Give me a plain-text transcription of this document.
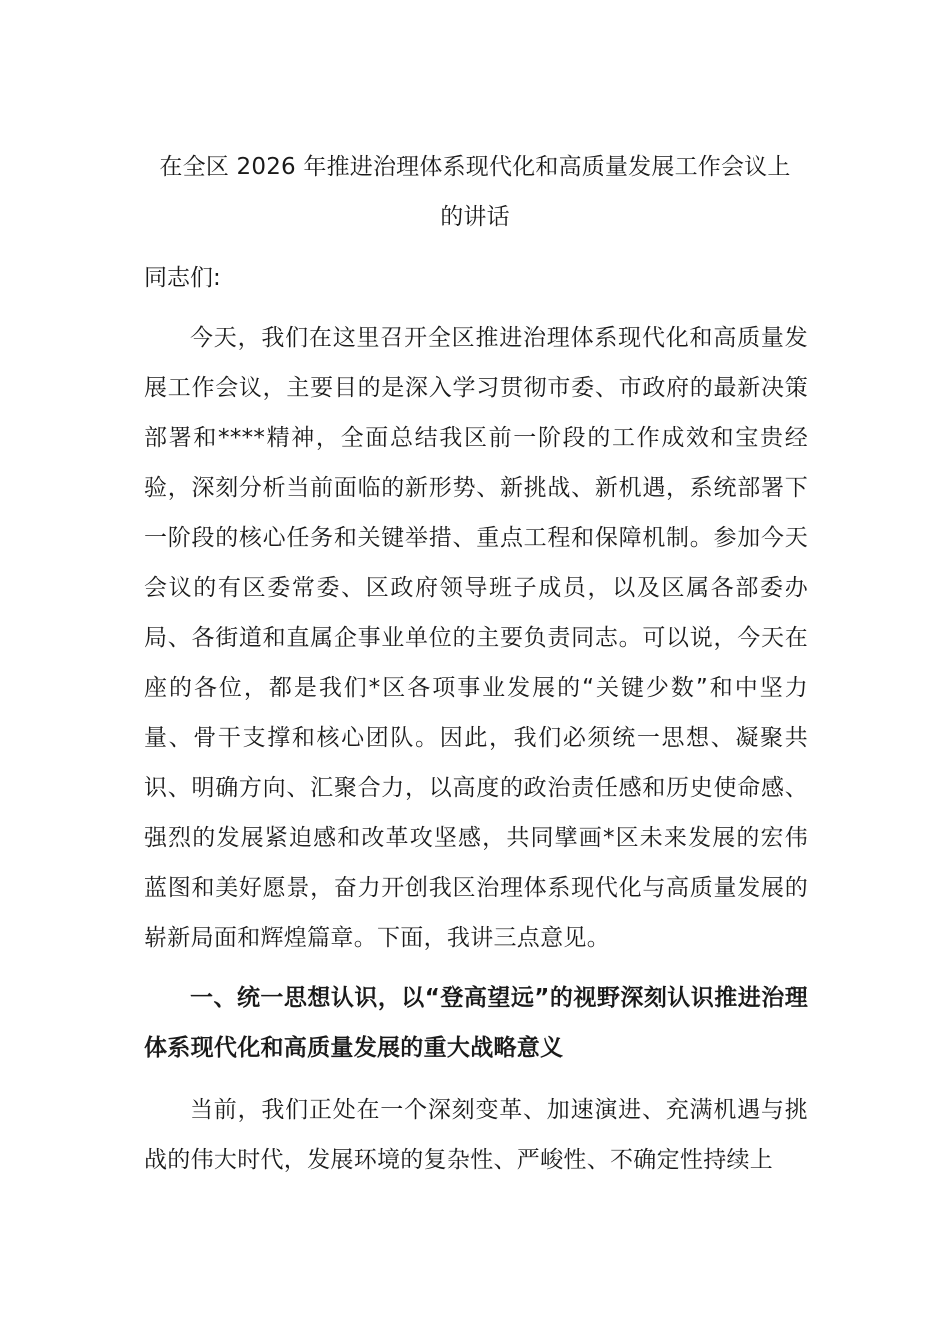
在全区 2026 年推进治理体系现代化和高质量发展工作会议上
的讲话

同志们:

今天，我们在这里召开全区推进治理体系现代化和高质量发展工作会议，主要目的是深入学习贯彻市委、市政府的最新决策部署和****精神，全面总结我区前一阶段的工作成效和宝贵经验，深刻分析当前面临的新形势、新挑战、新机遇，系统部署下一阶段的核心任务和关键举措、重点工程和保障机制。参加今天会议的有区委常委、区政府领导班子成员，以及区属各部委办局、各街道和直属企事业单位的主要负责同志。可以说，今天在座的各位，都是我们*区各项事业发展的“关键少数”和中坚力量、骨干支撑和核心团队。因此，我们必须统一思想、凝聚共识、明确方向、汇聚合力，以高度的政治责任感和历史使命感、强烈的发展紧迫感和改革攻坚感，共同擘画*区未来发展的宏伟蓝图和美好愿景，奋力开创我区治理体系现代化与高质量发展的崭新局面和辉煌篇章。下面，我讲三点意见。

一、统一思想认识，以“登高望远”的视野深刻认识推进治理体系现代化和高质量发展的重大战略意义

当前，我们正处在一个深刻变革、加速演进、充满机遇与挑战的伟大时代，发展环境的复杂性、严峻性、不确定性持续上
